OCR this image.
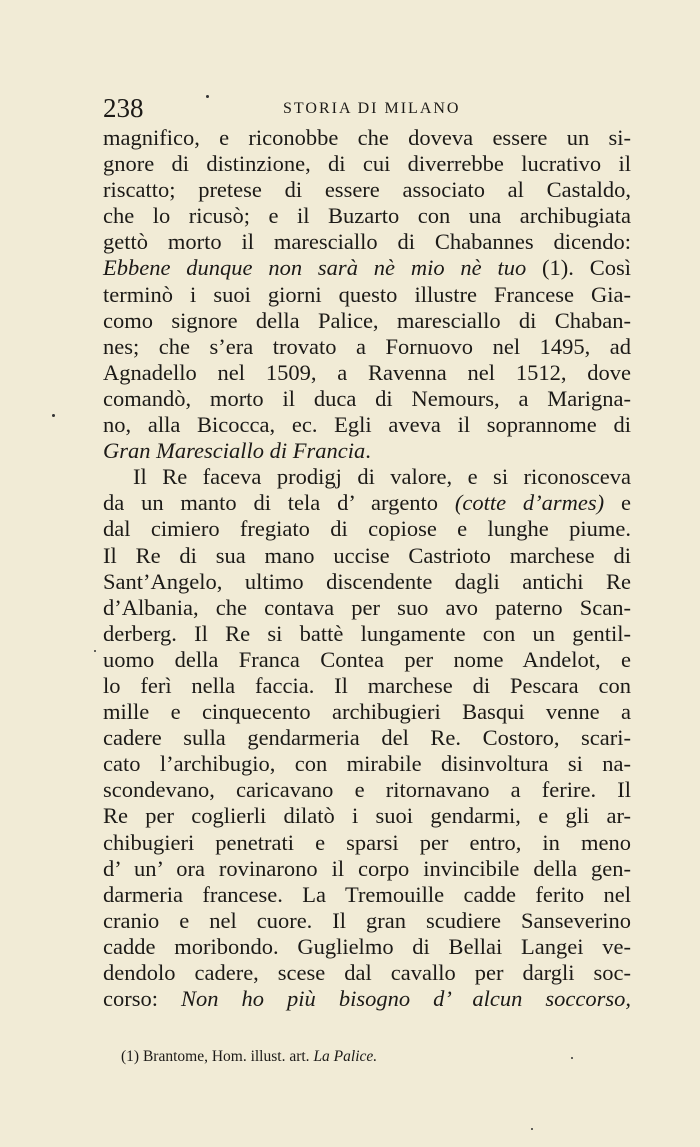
238	STORIA DI MILANO
magnifico, e riconobbe che doveva essere un si-
gnore di distinzione, di cui diverrebbe lucrativo il
riscatto; pretese di essere associato al Castaldo,
che lo ricusò; e il Buzarto con una archibugiata
gettò morto il maresciallo di Chabannes dicendo:
Ebbene dunque non sarà nè mio nè tuo (1). Così
terminò i suoi giorni questo illustre Francese Gia-
como signore della Palice, maresciallo di Chaban-
nes; che s’era trovato a Fornuovo nel 1495, ad
Agnadello nel 1509, a Ravenna nel 1512, dove
comandò, morto il duca di Nemours, a Marigna-
no, alla Bicocca, ec. Egli aveva il soprannome di
Gran Maresciallo di Francia.
Il Re faceva prodigj di valore, e si riconosceva
da un manto di tela d’ argento (cotte d’armes) e
dal cimiero fregiato di copiose e lunghe piume.
Il Re di sua mano uccise Castrioto marchese di
Sant’Angelo, ultimo discendente dagli antichi Re
d’Albania, che contava per suo avo paterno Scan-
derberg. Il Re si battè lungamente con un gentil-
uomo della Franca Contea per nome Andelot, e
lo ferì nella faccia. Il marchese di Pescara con
mille e cinquecento archibugieri Basqui venne a
cadere sulla gendarmeria del Re. Costoro, scari-
cato l’archibugio, con mirabile disinvoltura si na-
scondevano, caricavano e ritornavano a ferire. Il
Re per coglierli dilatò i suoi gendarmi, e gli ar-
chibugieri penetrati e sparsi per entro, in meno
d’ un’ ora rovinarono il corpo invincibile della gen-
darmeria francese. La Tremouille cadde ferito nel
cranio e nel cuore. Il gran scudiere Sanseverino
cadde moribondo. Guglielmo di Bellai Langei ve-
dendolo cadere, scese dal cavallo per dargli soc-
corso: Non ho più bisogno d’ alcun soccorso,
(1) Brantome, Hom. illust. art. La Palice.
